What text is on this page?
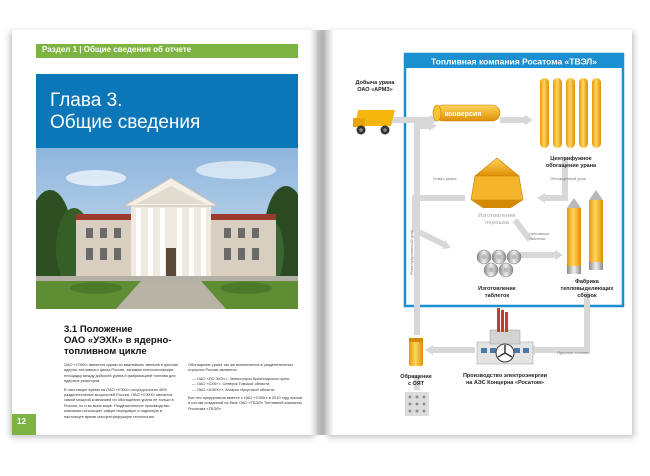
Раздел 1 | Общие сведения об отчете
Глава 3.
Общие сведения
3.1 Положение
ОАО «УЭХК» в ядерно-
топливном цикле

ОАО «УЭХК» является одним из важнейших звеньев в цепочке ядерно-топливного цикла России, занимая технологическую площадку между добычей урана и фабрикацией топлива для ядерных реакторов.

В настоящее время на ОАО «УЭХК» сосредоточено 48% разделительных мощностей России. ОАО «УЭХК» является самой мощной компанией по обогащению урана не только в России, но и во всем мире. Разделительное производство компании использует самую передовую и надежную в настоящее время газоцентрифужную технологию.

Обогащение урана так же выполняется в разделительных отраслях России являются:

— ОАО «ПО ЭХЗ» г. Зеленогорск Красноярского края;

— ОАО «СХК» г. Северск Томской области;

— ОАО «АЭХК» г. Ангарск Иркутской области.

Все эти предприятия вместе с ОАО «УЭХК» в 2010 году вошли в состав созданной на базе ОАО «ТВЭЛ» Топливной компании Росатома «ТВЭЛ».

12
Топливная компания Росатома «ТВЭЛ»
Добыча урана
ОАО «АРМЗ»
конверсия
Центрифужное
обогащение урана
Отвал урана	Обогащённый уран
Изготовление
порошка
Изготовление
таблеток
топливные
таблетки
Фабрика
тепловыделяющих
сборок
Регенерированный уран
Производство электроэнергии
на АЭС Концерна «Росатом»
Ядерное топливо
Обращение
с ОЯТ
